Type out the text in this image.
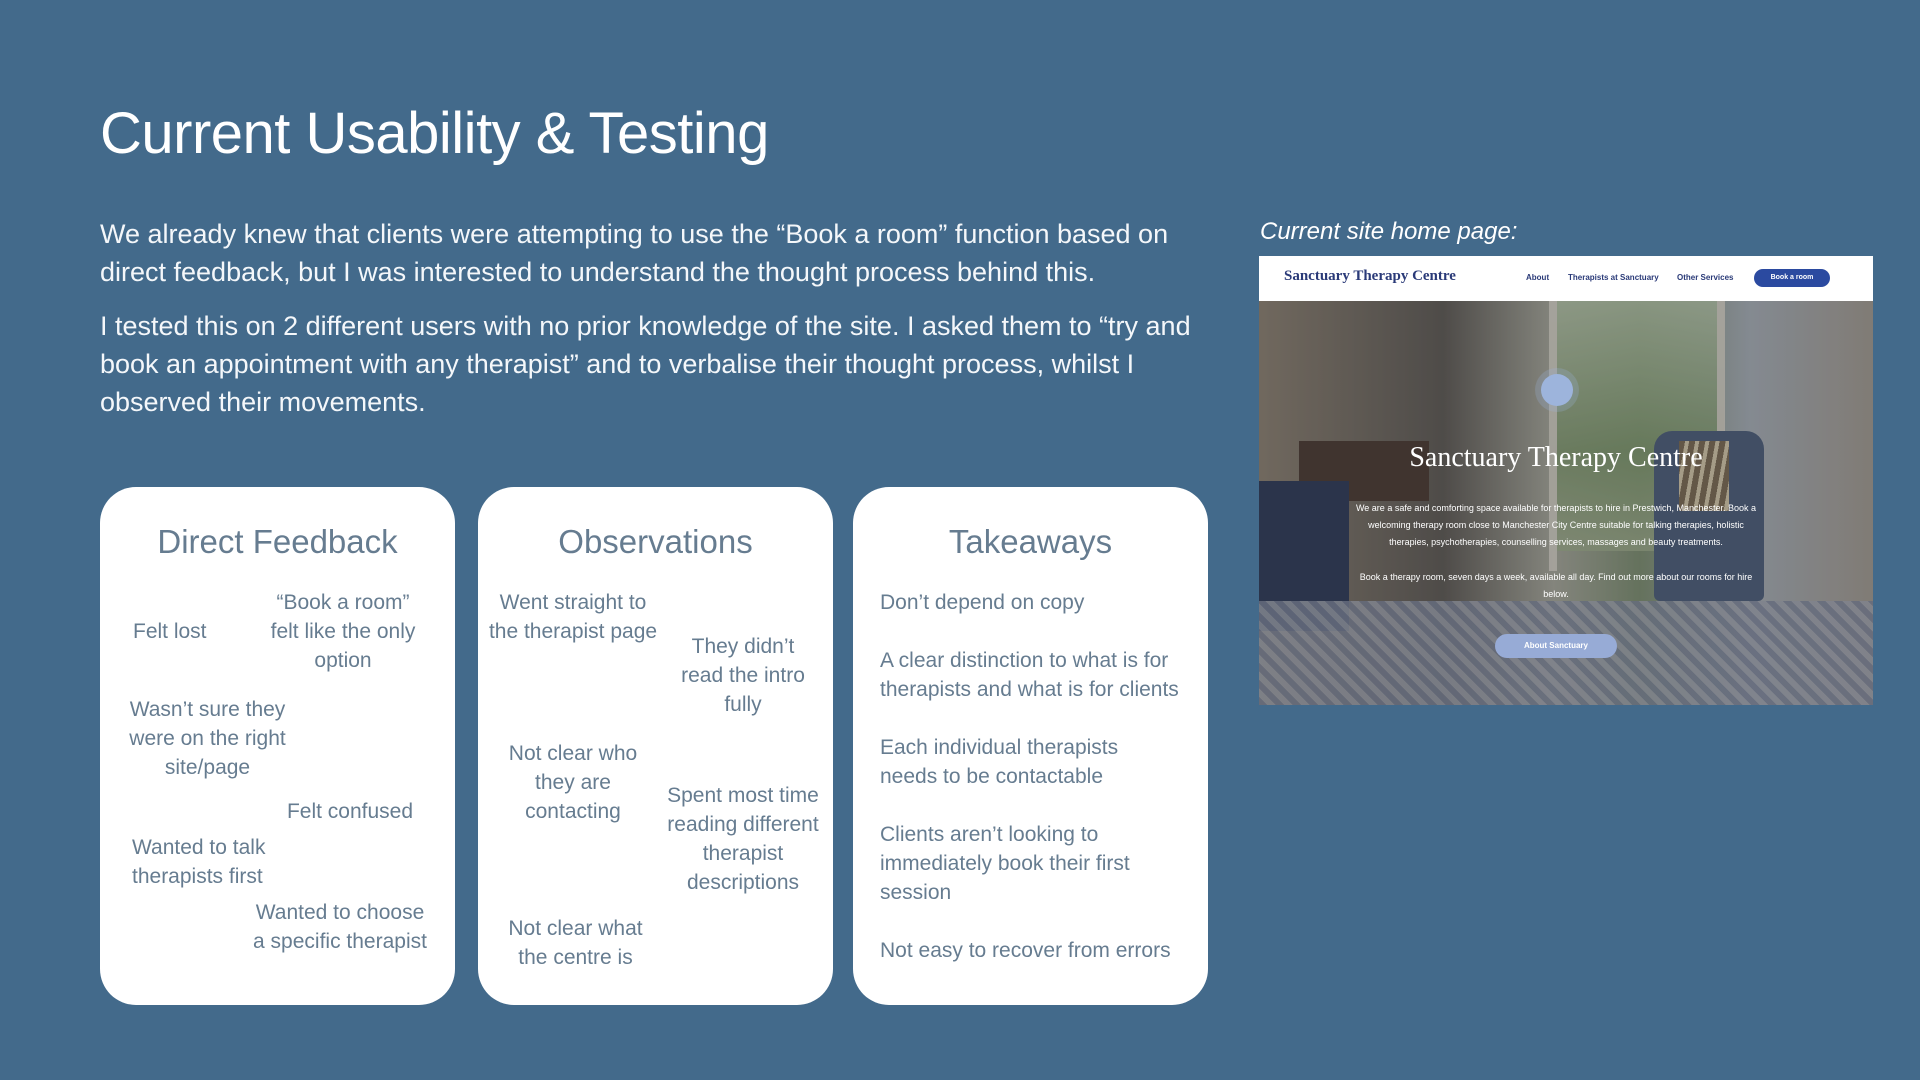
Current Usability & Testing

We already knew that clients were attempting to use the “Book a room” function based on direct feedback, but I was interested to understand the thought process behind this.

I tested this on 2 different users with no prior knowledge of the site. I asked them to “try and book an appointment with any therapist” and to verbalise their thought process, whilst I observed their movements.

Direct Feedback
Felt lost
“Book a room” felt like the only option
Wasn’t sure they were on the right site/page
Felt confused
Wanted to talk therapists first
Wanted to choose a specific therapist
Observations
Went straight to the therapist page
They didn’t read the intro fully
Not clear who they are contacting
Spent most time reading different therapist descriptions
Not clear what the centre is
Takeaways
Don’t depend on copy
A clear distinction to what is for therapists and what is for clients
Each individual therapists needs to be contactable
Clients aren’t looking to immediately book their first session
Not easy to recover from errors
Current site home page:
Sanctuary Therapy Centre	About Therapists at Sanctuary Other Services	Book a room
Sanctuary Therapy Centre
We are a safe and comforting space available for therapists to hire in Prestwich, Manchester. Book a welcoming therapy room close to Manchester City Centre suitable for talking therapies, holistic therapies, psychotherapies, counselling services, massages and beauty treatments.
Book a therapy room, seven days a week, available all day. Find out more about our rooms for hire below.
About Sanctuary
